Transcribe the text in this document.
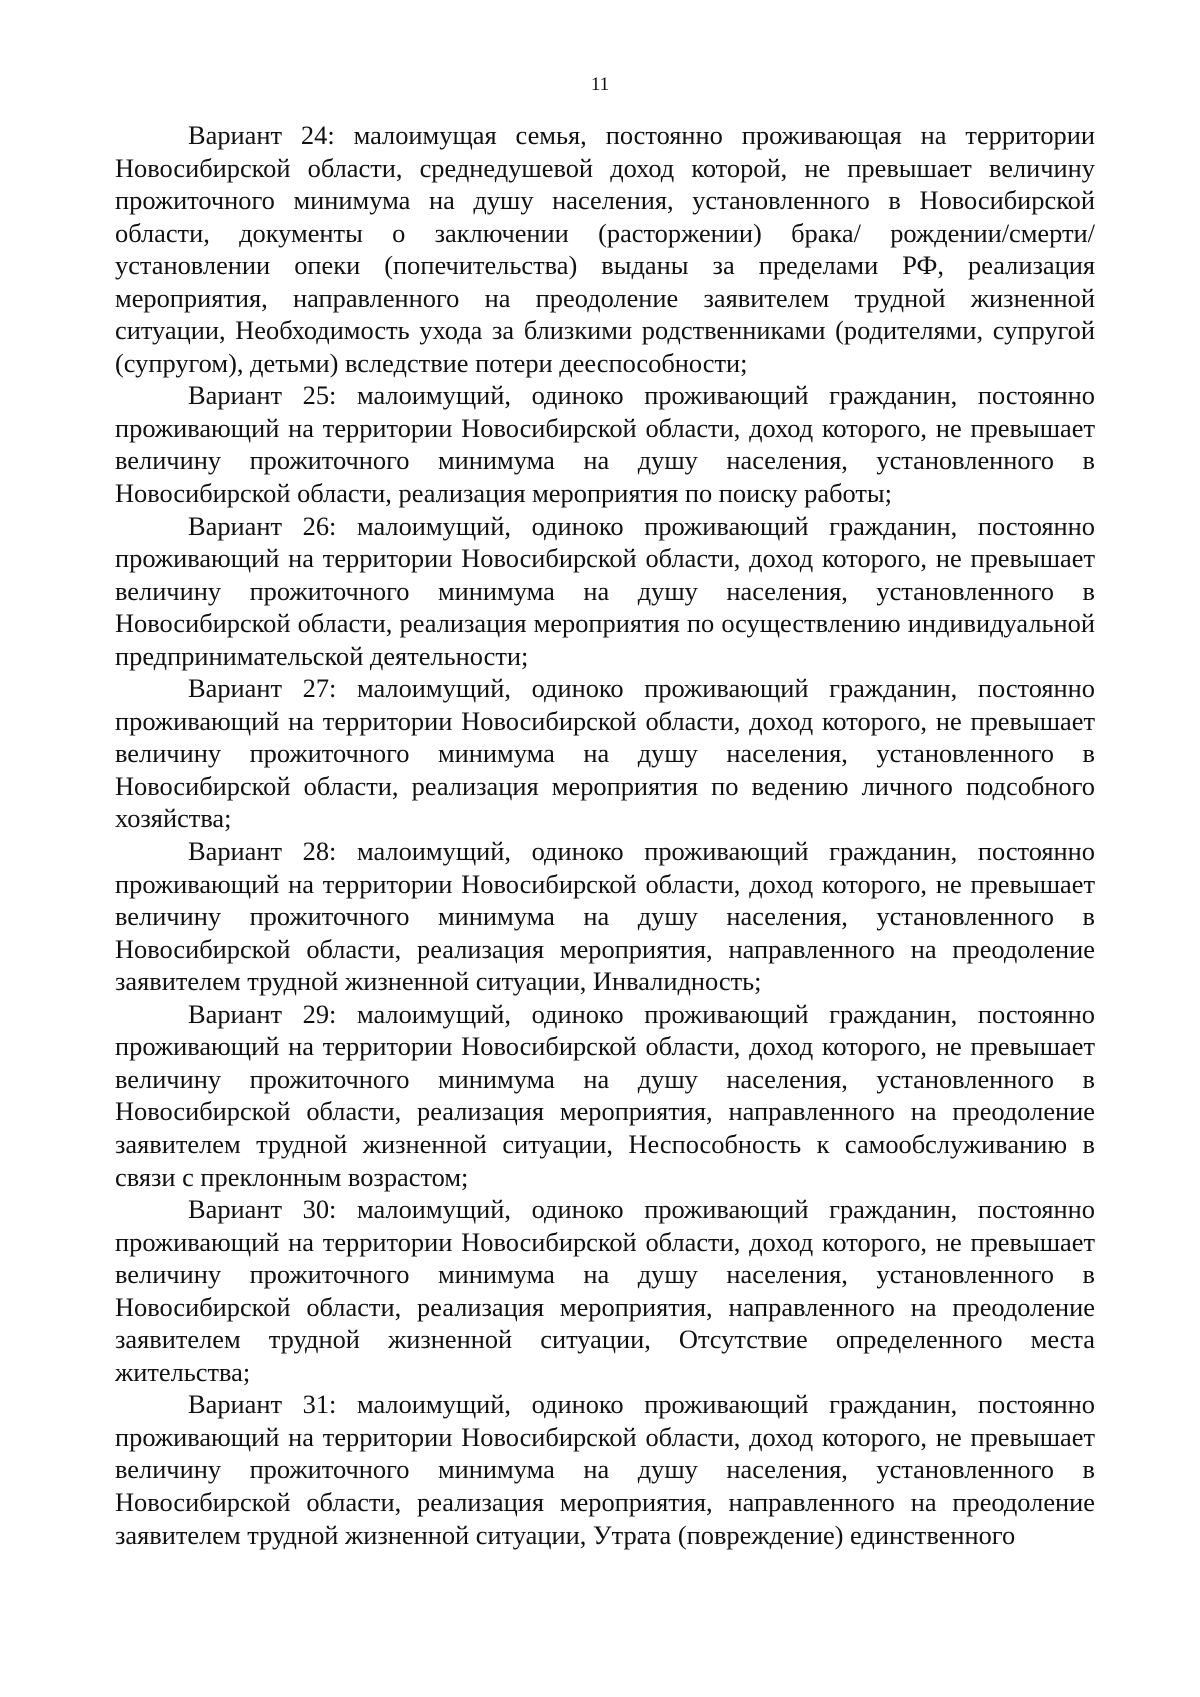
11

Вариант 24: малоимущая семья, постоянно проживающая на территории Новосибирской области, среднедушевой доход которой, не превышает величину прожиточного минимума на душу населения, установленного в Новосибирской области, документы о заключении (расторжении) брака/ рождении/смерти/ установлении опеки (попечительства) выданы за пределами РФ, реализация мероприятия, направленного на преодоление заявителем трудной жизненной ситуации, Необходимость ухода за близкими родственниками (родителями, супругой (супругом), детьми) вследствие потери дееспособности;

Вариант 25: малоимущий, одиноко проживающий гражданин, постоянно проживающий на территории Новосибирской области, доход которого, не превышает величину прожиточного минимума на душу населения, установленного в Новосибирской области, реализация мероприятия по поиску работы;

Вариант 26: малоимущий, одиноко проживающий гражданин, постоянно проживающий на территории Новосибирской области, доход которого, не превышает величину прожиточного минимума на душу населения, установленного в Новосибирской области, реализация мероприятия по осуществлению индивидуальной предпринимательской деятельности;

Вариант 27: малоимущий, одиноко проживающий гражданин, постоянно проживающий на территории Новосибирской области, доход которого, не превышает величину прожиточного минимума на душу населения, установленного в Новосибирской области, реализация мероприятия по ведению личного подсобного хозяйства;

Вариант 28: малоимущий, одиноко проживающий гражданин, постоянно проживающий на территории Новосибирской области, доход которого, не превышает величину прожиточного минимума на душу населения, установленного в Новосибирской области, реализация мероприятия, направленного на преодоление заявителем трудной жизненной ситуации, Инвалидность;

Вариант 29: малоимущий, одиноко проживающий гражданин, постоянно проживающий на территории Новосибирской области, доход которого, не превышает величину прожиточного минимума на душу населения, установленного в Новосибирской области, реализация мероприятия, направленного на преодоление заявителем трудной жизненной ситуации, Неспособность к самообслуживанию в связи с преклонным возрастом;

Вариант 30: малоимущий, одиноко проживающий гражданин, постоянно проживающий на территории Новосибирской области, доход которого, не превышает величину прожиточного минимума на душу населения, установленного в Новосибирской области, реализация мероприятия, направленного на преодоление заявителем трудной жизненной ситуации, Отсутствие определенного места жительства;

Вариант 31: малоимущий, одиноко проживающий гражданин, постоянно проживающий на территории Новосибирской области, доход которого, не превышает величину прожиточного минимума на душу населения, установленного в Новосибирской области, реализация мероприятия, направленного на преодоление заявителем трудной жизненной ситуации, Утрата (повреждение) единственного
